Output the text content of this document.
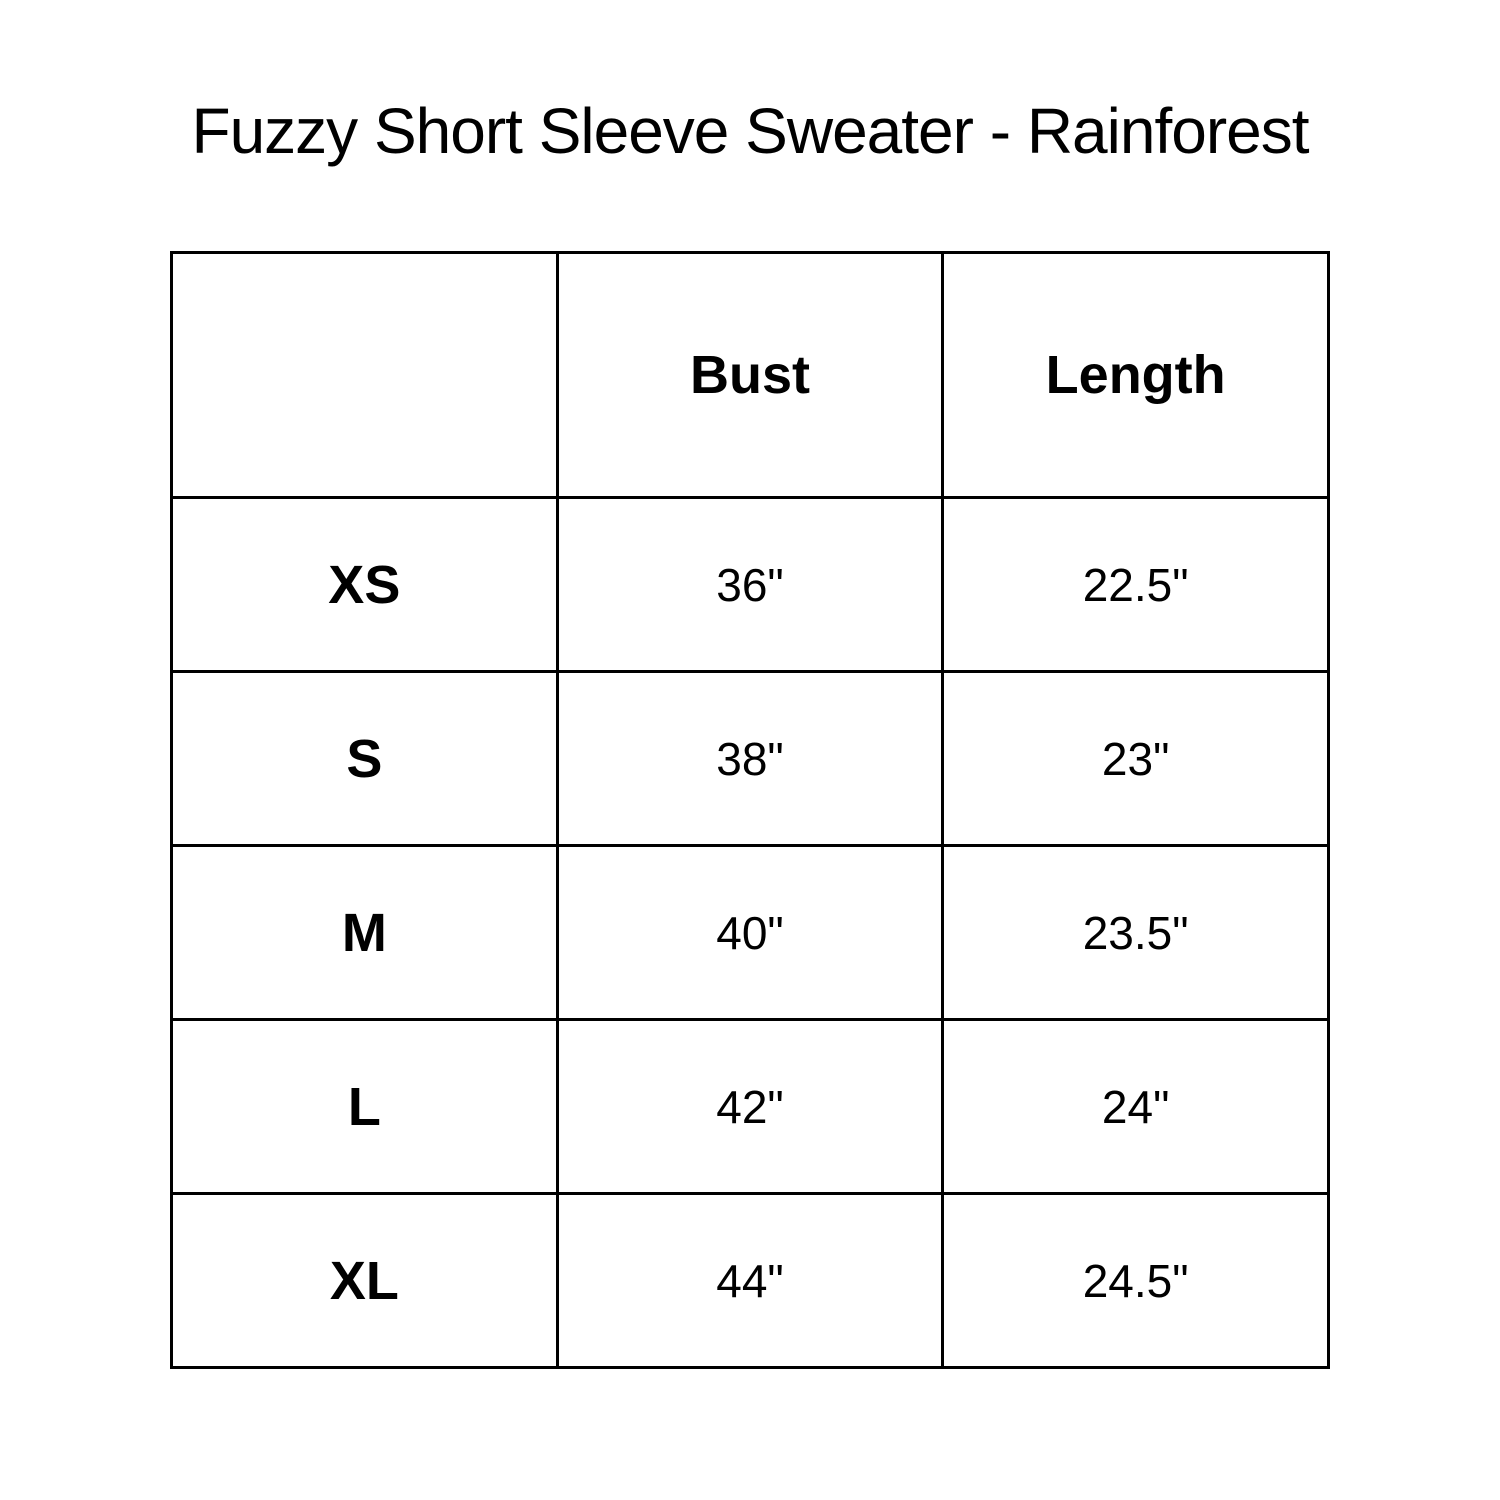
Fuzzy Short Sleeve Sweater - Rainforest
	Bust	Length
XS	36"	22.5"
S	38"	23"
M	40"	23.5"
L	42"	24"
XL	44"	24.5"
